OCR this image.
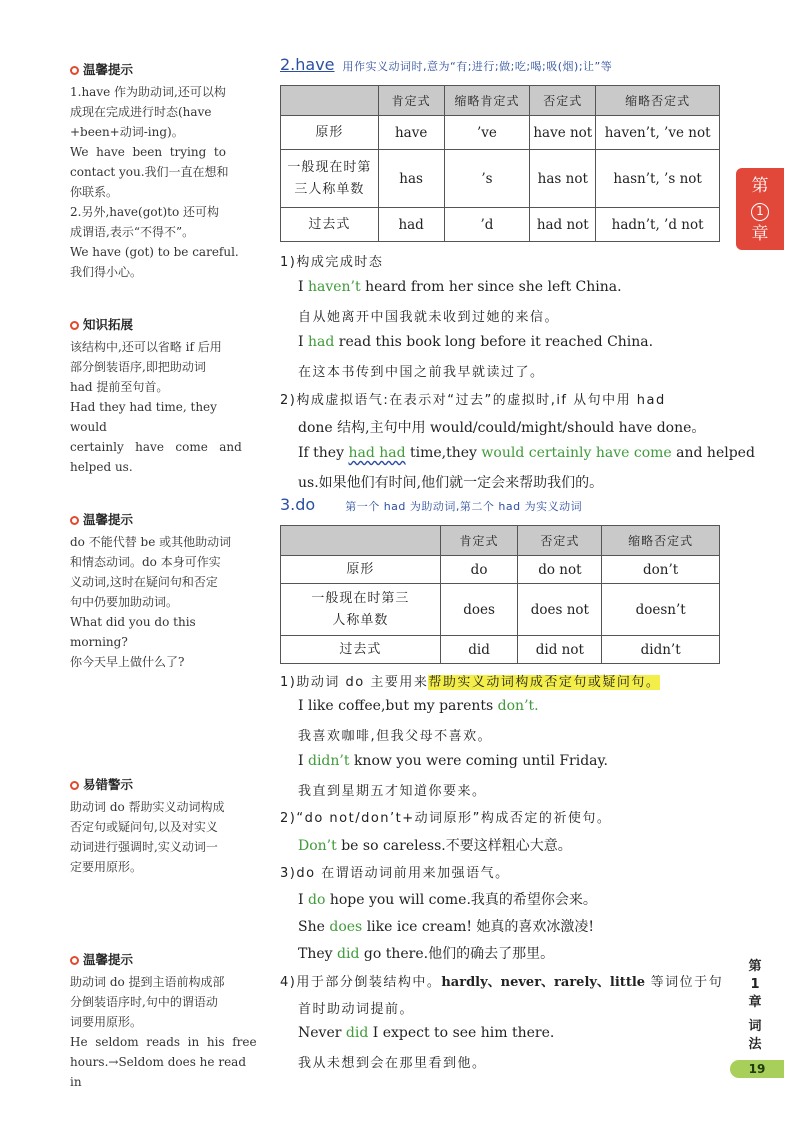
温馨提示

1.have 作为助动词,还可以构

成现在完成进行时态(have

+been+动词-ing)。

We  have  been  trying  to

contact you.我们一直在想和

你联系。

2.另外,have(got)to 还可构

成谓语,表示“不得不”。

We have (got) to be careful.

我们得小心。

知识拓展

该结构中,还可以省略 if 后用

部分倒装语序,即把助动词

had 提前至句首。

Had they had time, they would

certainly   have   come   and

helped us.

温馨提示

do 不能代替 be 或其他助动词

和情态动词。do 本身可作实

义动词,这时在疑问句和否定

句中仍要加助动词。

What did you do this morning?

你今天早上做什么了?

易错警示

助动词 do 帮助实义动词构成

否定句或疑问句,以及对实义

动词进行强调时,实义动词一

定要用原形。

温馨提示

助动词 do 提到主语前构成部

分倒装语序时,句中的谓语动

词要用原形。

He  seldom  reads  in  his  free

hours.→Seldom does he read in

2.have 用作实义动词时,意为“有;进行;做;吃;喝;吸(烟);让”等
	肯定式	缩略肯定式	否定式	缩略否定式
原形	have	’ve	have not	haven’t, ’ve not
一般现在时第三人称单数	has	’s	has not	hasn’t, ’s not
过去式	had	’d	had not	hadn’t, ’d not
1)构成完成时态
I haven’t heard from her since she left China.
自从她离开中国我就未收到过她的来信。
I had read this book long before it reached China.
在这本书传到中国之前我早就读过了。
2)构成虚拟语气:在表示对“过去”的虚拟时,if 从句中用 had
done 结构,主句中用 would/could/might/should have done。
If they had had time,they would certainly have come and helped
us.如果他们有时间,他们就一定会来帮助我们的。
3.do	第一个 had 为助动词,第二个 had 为实义动词
	肯定式	否定式	缩略否定式
原形	do	do not	don’t
一般现在时第三人称单数	does	does not	doesn’t
过去式	did	did not	didn’t
1)助动词 do 主要用来帮助实义动词构成否定句或疑问句。
I like coffee,but my parents don’t.
我喜欢咖啡,但我父母不喜欢。
I didn’t know you were coming until Friday.
我直到星期五才知道你要来。
2)“do not/don’t+动词原形”构成否定的祈使句。
Don’t be so careless.不要这样粗心大意。
3)do 在谓语动词前用来加强语气。
I do hope you will come.我真的希望你会来。
She does like ice cream! 她真的喜欢冰激凌!
They did go there.他们的确去了那里。
4)用于部分倒装结构中。hardly、never、rarely、little 等词位于句
首时助动词提前。
Never did I expect to see him there.
我从未想到会在那里看到他。
第
1
章
第
1
章
词
法
19
